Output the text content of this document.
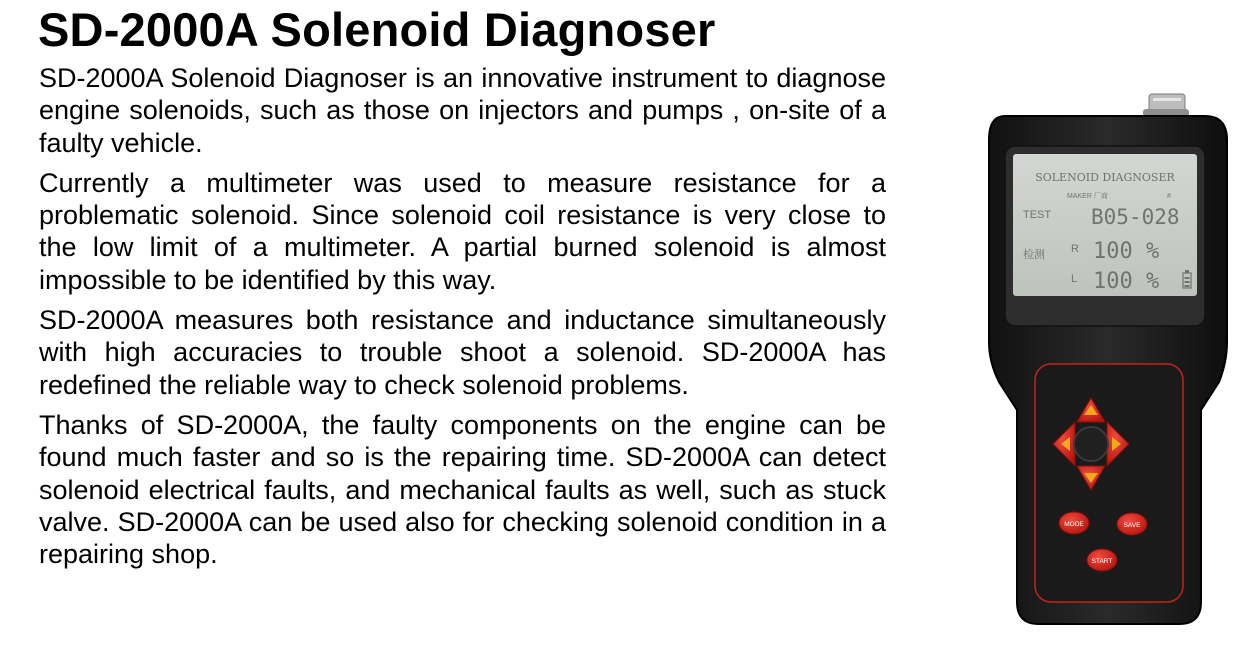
SD-2000A Solenoid Diagnoser

SD-2000A Solenoid Diagnoser is an innovative instrument to diagnose engine solenoids, such as those on injectors and pumps , on-site of a faulty vehicle.

Currently a multimeter was used to measure resistance for a problematic solenoid. Since solenoid coil resistance is very close to the low limit of a multimeter. A partial burned solenoid is almost impossible to be identified by this way.

SD-2000A measures both resistance and inductance simultaneously with high accuracies to trouble shoot a solenoid. SD-2000A has redefined the reliable way to check solenoid problems.

Thanks of SD-2000A, the faulty components on the engine can be found much faster and so is the repairing time. SD-2000A can detect solenoid electrical faults, and mechanical faults as well, such as stuck valve. SD-2000A can be used also for checking solenoid condition in a repairing shop.

SOLENOID DIAGNOSER
MAKER 厂商	#
TEST B05-028
检测 R 100 %
L 100 %
MODE	SAVE
START
